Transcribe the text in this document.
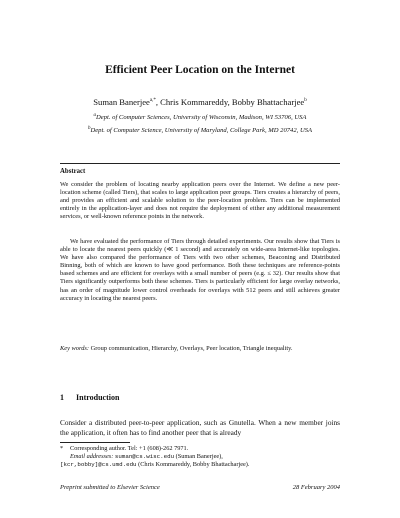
Efficient Peer Location on the Internet
Suman Banerjee$^{a,*}$, Chris Kommareddy, Bobby Bhattacharjee$^b$
$^a$Dept. of Computer Sciences, University of Wisconsin, Madison, WI 53706, USA
$^b$Dept. of Computer Science, University of Maryland, College Park, MD 20742, USA
Abstract
We consider the problem of locating nearby application peers over the Internet. We define a new peer-location scheme (called Tiers), that scales to large application peer groups. Tiers creates a hierarchy of peers, and provides an efficient and scalable solution to the peer-location problem. Tiers can be implemented entirely in the application-layer and does not require the deployment of either any additional measurement services, or well-known reference points in the network.
We have evaluated the performance of Tiers through detailed experiments. Our results show that Tiers is able to locate the nearest peers quickly (≪ 1 second) and accurately on wide-area Internet-like topologies. We have also compared the performance of Tiers with two other schemes, Beaconing and Distributed Binning, both of which are known to have good performance. Both these techniques are reference-points based schemes and are efficient for overlays with a small number of peers (e.g. ≤ 32). Our results show that Tiers significantly outperforms both these schemes. Tiers is particularly efficient for large overlay networks, has an order of magnitude lower control overheads for overlays with 512 peers and still achieves greater accuracy in locating the nearest peers.
Key words: Group communication, Hierarchy, Overlays, Peer location, Triangle inequality.
1 Introduction
Consider a distributed peer-to-peer application, such as Gnutella. When a new member joins the application, it often has to find another peer that is already
* Corresponding author. Tel: +1 (608)-262 7971.
Email addresses: suman@cs.wisc.edu (Suman Banerjee),
[kcr,bobby]@cs.umd.edu (Chris Kommareddy, Bobby Bhattacharjee).
Preprint submitted to Elsevier Science	28 February 2004
